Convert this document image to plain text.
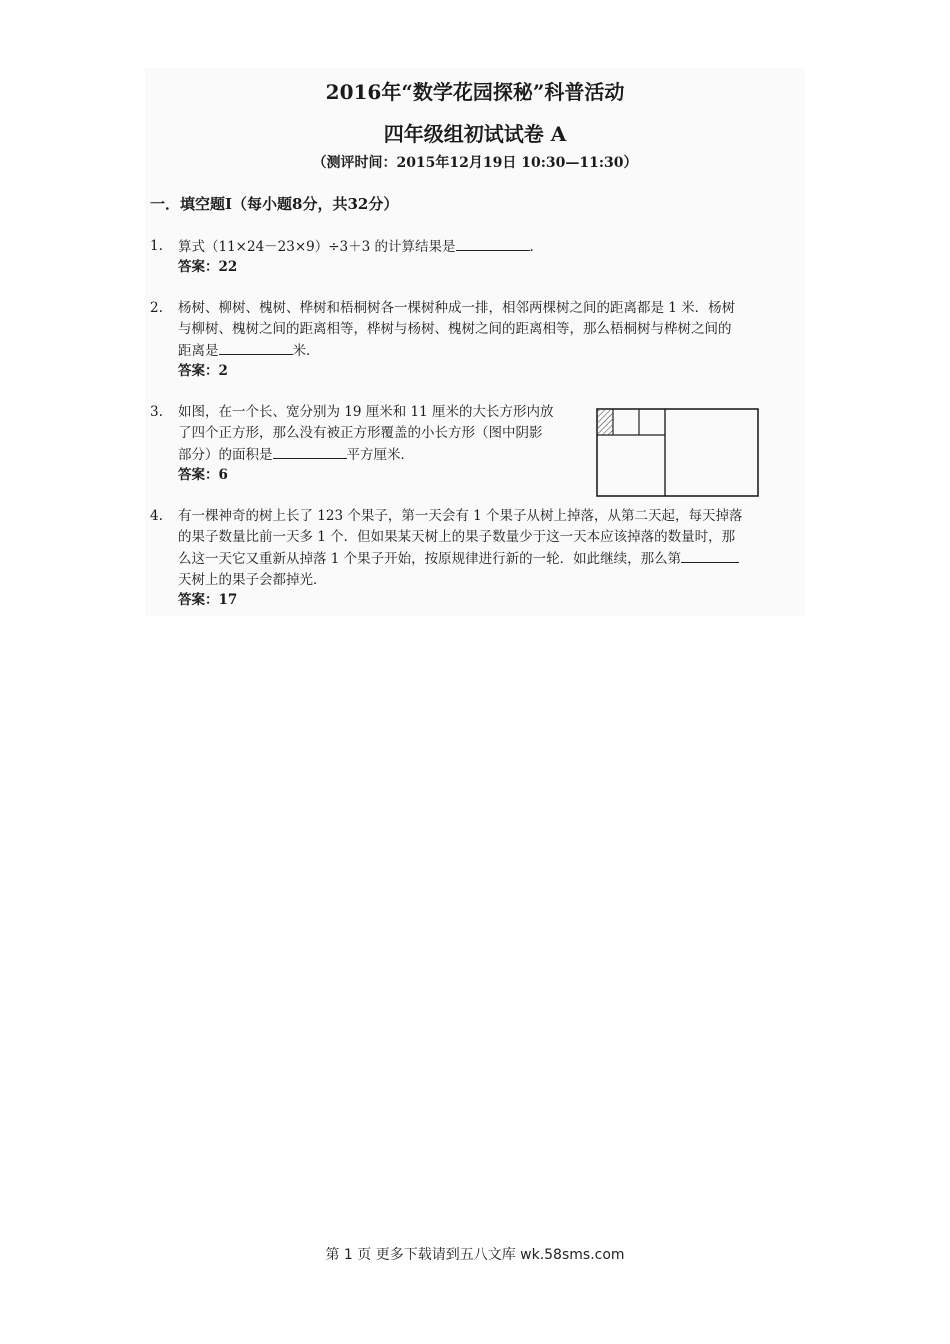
2016年“数学花园探秘”科普活动
四年级组初试试卷 A
（测评时间：2015年12月19日 10:30—11:30）
一．填空题Ⅰ（每小题8分，共32分）
1.	算式（11×24－23×9）÷3＋3 的计算结果是	.
答案：22
2.	杨树、柳树、槐树、桦树和梧桐树各一棵树种成一排，相邻两棵树之间的距离都是 1 米．杨树
与柳树、槐树之间的距离相等，桦树与杨树、槐树之间的距离相等，那么梧桐树与桦树之间的
距离是	米．
答案：2
3.	如图，在一个长、宽分别为 19 厘米和 11 厘米的大长方形内放
了四个正方形，那么没有被正方形覆盖的小长方形（图中阴影
部分）的面积是	平方厘米．
答案：6
4.	有一棵神奇的树上长了 123 个果子，第一天会有 1 个果子从树上掉落，从第二天起，每天掉落
的果子数量比前一天多 1 个．但如果某天树上的果子数量少于这一天本应该掉落的数量时，那
么这一天它又重新从掉落 1 个果子开始，按原规律进行新的一轮．如此继续，那么第
天树上的果子会都掉光．
答案：17
第 1 页 更多下载请到五八文库 wk.58sms.com
